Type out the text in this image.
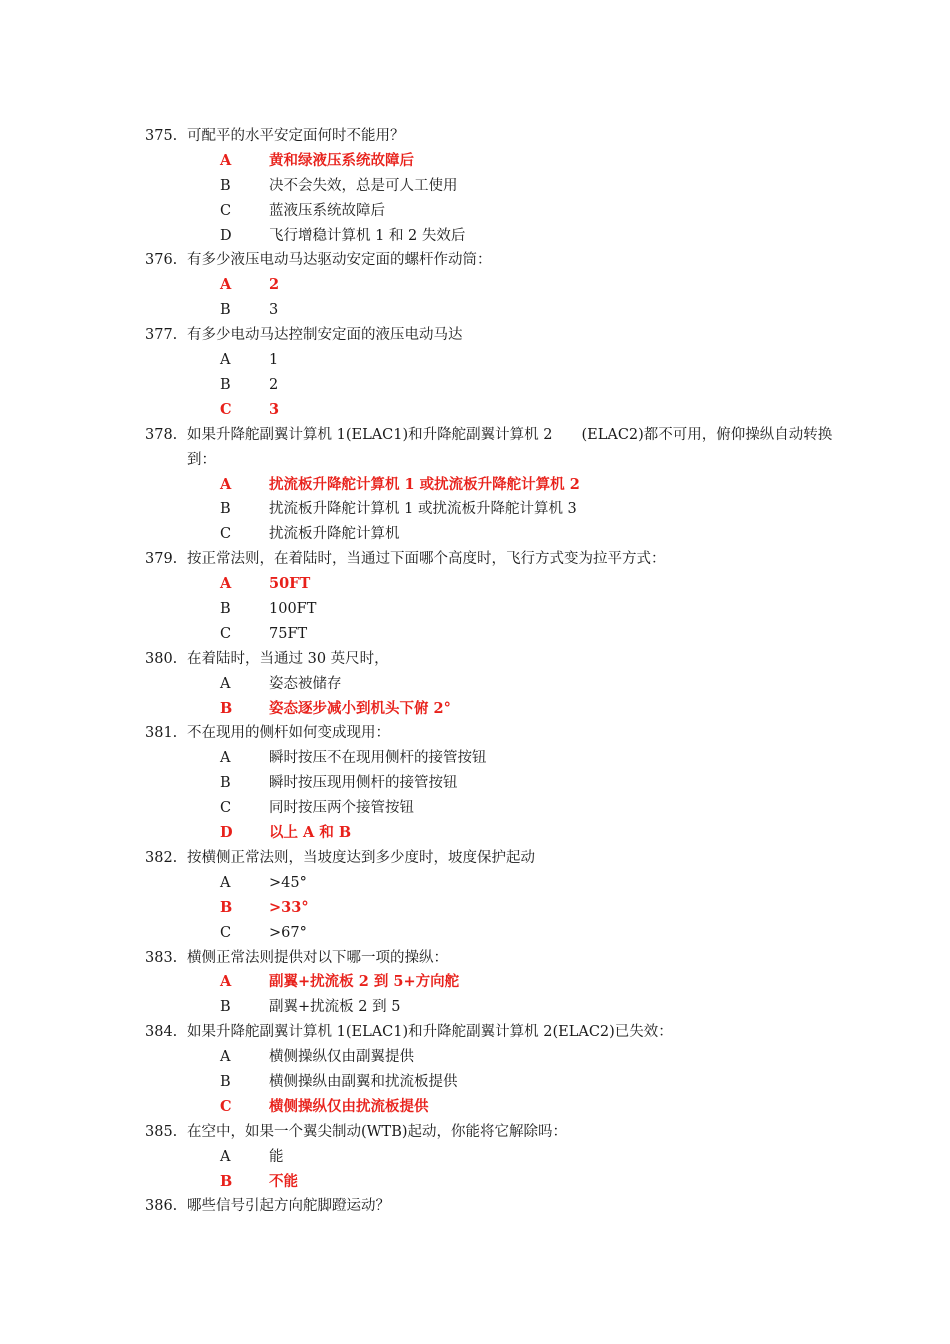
375. 可配平的水平安定面何时不能用？
A	黄和绿液压系统故障后
B	决不会失效，总是可人工使用
C	蓝液压系统故障后
D	飞行增稳计算机 1 和 2 失效后
376. 有多少液压电动马达驱动安定面的螺杆作动筒：
A	2
B	3
377. 有多少电动马达控制安定面的液压电动马达
A	1
B	2
C	3
378. 如果升降舵副翼计算机 1(ELAC1)和升降舵副翼计算机 2　　(ELAC2)都不可用，俯仰操纵自动转换到：
A	扰流板升降舵计算机 1 或扰流板升降舵计算机 2
B	扰流板升降舵计算机 1 或扰流板升降舵计算机 3
C	扰流板升降舵计算机
379. 按正常法则，在着陆时，当通过下面哪个高度时，飞行方式变为拉平方式：
A	50FT
B	100FT
C	75FT
380. 在着陆时，当通过 30 英尺时，
A	姿态被储存
B	姿态逐步减小到机头下俯 2°
381. 不在现用的侧杆如何变成现用：
A	瞬时按压不在现用侧杆的接管按钮
B	瞬时按压现用侧杆的接管按钮
C	同时按压两个接管按钮
D	以上 A 和 B
382. 按横侧正常法则，当坡度达到多少度时，坡度保护起动
A	>45°
B	>33°
C	>67°
383. 横侧正常法则提供对以下哪一项的操纵：
A	副翼+扰流板 2 到 5+方向舵
B	副翼+扰流板 2 到 5
384. 如果升降舵副翼计算机 1(ELAC1)和升降舵副翼计算机 2(ELAC2)已失效：
A	横侧操纵仅由副翼提供
B	横侧操纵由副翼和扰流板提供
C	横侧操纵仅由扰流板提供
385. 在空中，如果一个翼尖制动(WTB)起动，你能将它解除吗：
A	能
B	不能
386. 哪些信号引起方向舵脚蹬运动？
